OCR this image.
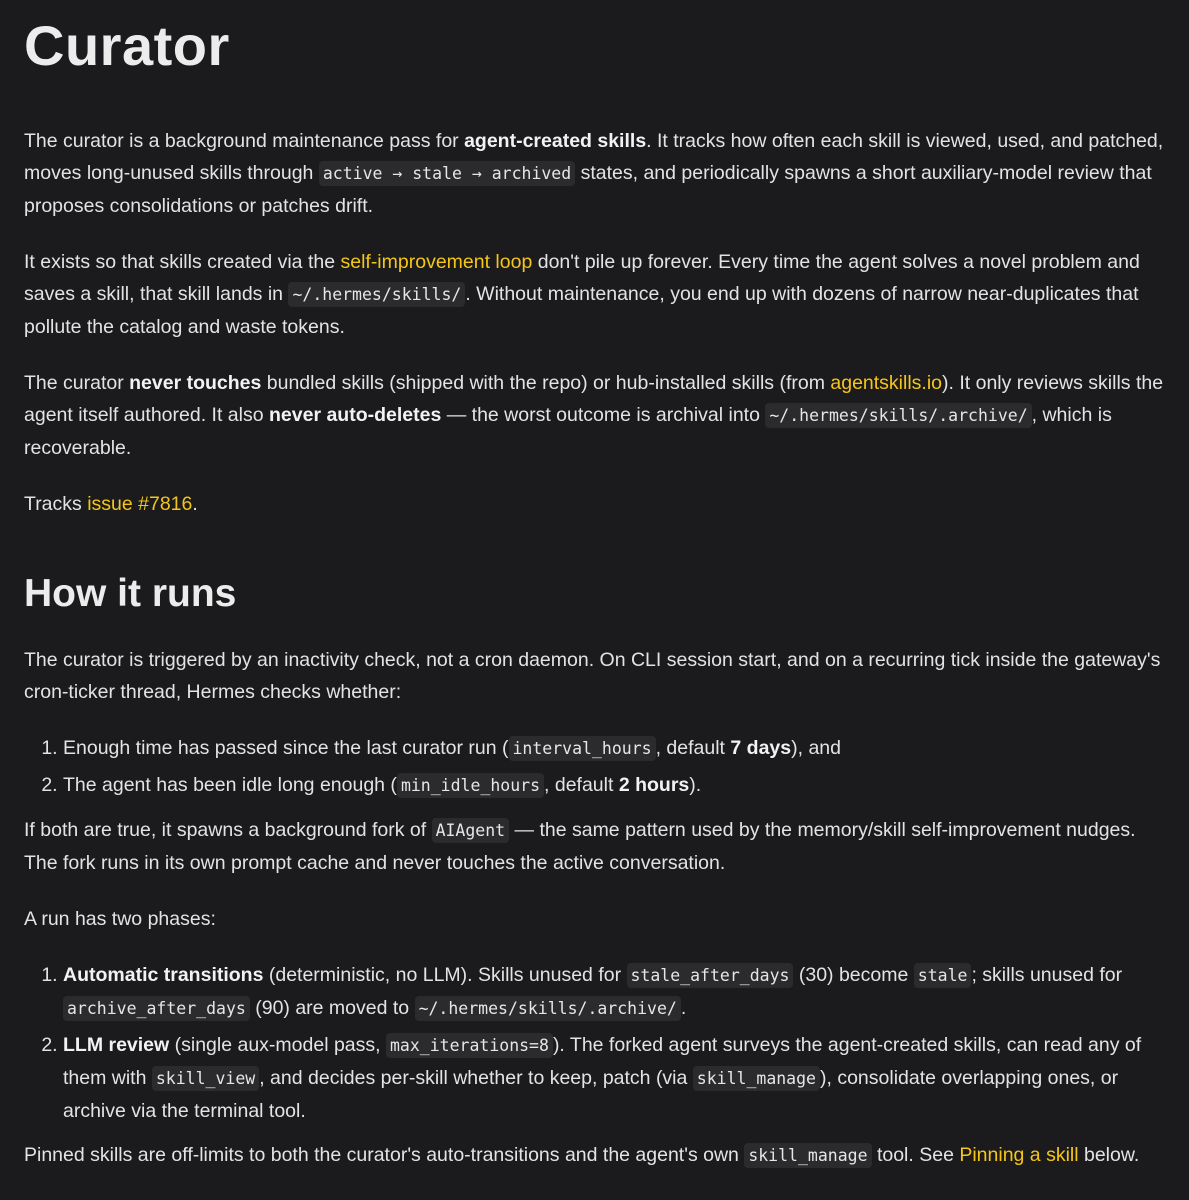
Curator

The curator is a background maintenance pass for agent-created skills. It tracks how often each skill is viewed, used, and patched, moves long-unused skills through active → stale → archived states, and periodically spawns a short auxiliary-model review that proposes consolidations or patches drift.

It exists so that skills created via the self-improvement loop don't pile up forever. Every time the agent solves a novel problem and saves a skill, that skill lands in ~/.hermes/skills/ . Without maintenance, you end up with dozens of narrow near-duplicates that pollute the catalog and waste tokens.

The curator never touches bundled skills (shipped with the repo) or hub-installed skills (from agentskills.io). It only reviews skills the agent itself authored. It also never auto-deletes — the worst outcome is archival into ~/.hermes/skills/.archive/ , which is recoverable.

Tracks issue #7816.

How it runs

The curator is triggered by an inactivity check, not a cron daemon. On CLI session start, and on a recurring tick inside the gateway's cron-ticker thread, Hermes checks whether:

1. Enough time has passed since the last curator run ( interval_hours , default 7 days), and
2. The agent has been idle long enough ( min_idle_hours , default 2 hours).

If both are true, it spawns a background fork of AIAgent — the same pattern used by the memory/skill self-improvement nudges. The fork runs in its own prompt cache and never touches the active conversation.

A run has two phases:

1. Automatic transitions (deterministic, no LLM). Skills unused for stale_after_days (30) become stale ; skills unused for archive_after_days (90) are moved to ~/.hermes/skills/.archive/ .
2. LLM review (single aux-model pass, max_iterations=8 ). The forked agent surveys the agent-created skills, can read any of them with skill_view , and decides per-skill whether to keep, patch (via skill_manage ), consolidate overlapping ones, or archive via the terminal tool.

Pinned skills are off-limits to both the curator's auto-transitions and the agent's own skill_manage tool. See Pinning a skill below.
